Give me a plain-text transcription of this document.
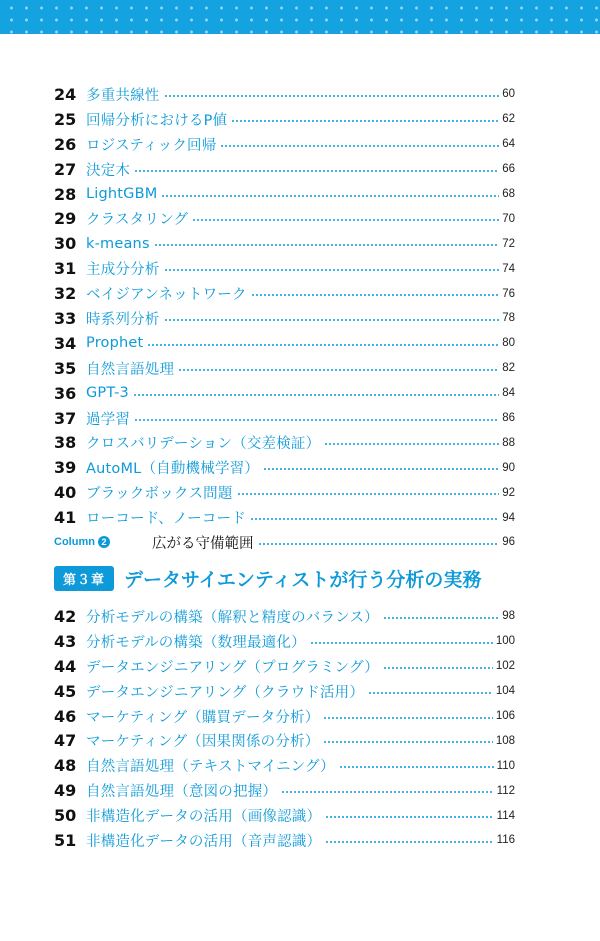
24 多重共線性	60
25 回帰分析におけるP値	62
26 ロジスティック回帰	64
27 決定木	66
28 LightGBM	68
29 クラスタリング	70
30 k-means	72
31 主成分分析	74
32 ベイジアンネットワーク	76
33 時系列分析	78
34 Prophet	80
35 自然言語処理	82
36 GPT-3	84
37 過学習	86
38 クロスバリデーション（交差検証）	88
39 AutoML（自動機械学習）	90
40 ブラックボックス問題	92
41 ローコード、ノーコード	94
Column 2	広がる守備範囲	96
第３章	データサイエンティストが行う分析の実務
42 分析モデルの構築（解釈と精度のバランス）	98
43 分析モデルの構築（数理最適化）	100
44 データエンジニアリング（プログラミング）	102
45 データエンジニアリング（クラウド活用）	104
46 マーケティング（購買データ分析）	106
47 マーケティング（因果関係の分析）	108
48 自然言語処理（テキストマイニング）	110
49 自然言語処理（意図の把握）	112
50 非構造化データの活用（画像認識）	114
51 非構造化データの活用（音声認識）	116
